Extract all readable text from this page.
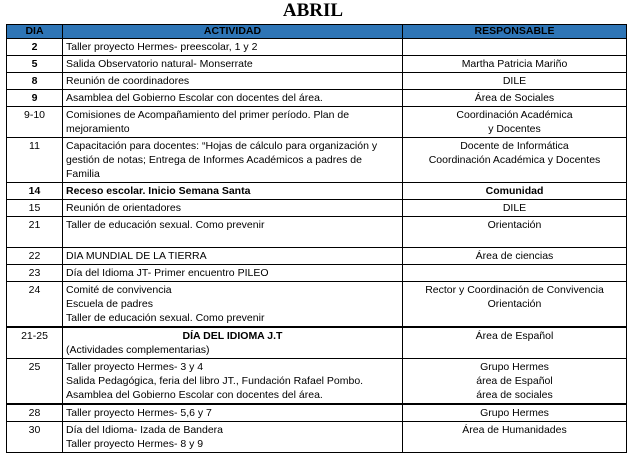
ABRIL
DIA	ACTIVIDAD	RESPONSABLE
2	Taller proyecto Hermes- preescolar, 1 y 2	

5	Salida Observatorio natural- Monserrate	Martha Patricia Mariño

8	Reunión de coordinadores	DILE

9	Asamblea del Gobierno Escolar con docentes del área.	Área de Sociales

9-10	Comisiones de Acompañamiento del primer período. Plan de
mejoramiento	Coordinación Académica
y Docentes

11	Capacitación para docentes: “Hojas de cálculo para organización y
gestión de notas; Entrega de Informes Académicos a padres de
Familia	Docente de Informática
Coordinación Académica y Docentes

14	Receso escolar. Inicio Semana Santa	Comunidad

15	Reunión de orientadores	DILE

21	Taller de educación sexual. Como prevenir	Orientación

22	DIA MUNDIAL DE LA TIERRA	Área de ciencias

23	Día del Idioma JT- Primer encuentro PILEO	

24	Comité de convivencia
Escuela de padres
Taller de educación sexual. Como prevenir	Rector y Coordinación de Convivencia
Orientación

21-25	DÍA DEL IDIOMA J.T
(Actividades complementarias)	Área de Español

25	Taller proyecto Hermes- 3 y 4
Salida Pedagógica, feria del libro JT., Fundación Rafael Pombo.
Asamblea del Gobierno Escolar con docentes del área.	Grupo Hermes
área de Español
área de sociales

28	Taller proyecto Hermes- 5,6 y 7	Grupo Hermes

30	Día del Idioma- Izada de Bandera
Taller proyecto Hermes- 8 y 9	Área de Humanidades
